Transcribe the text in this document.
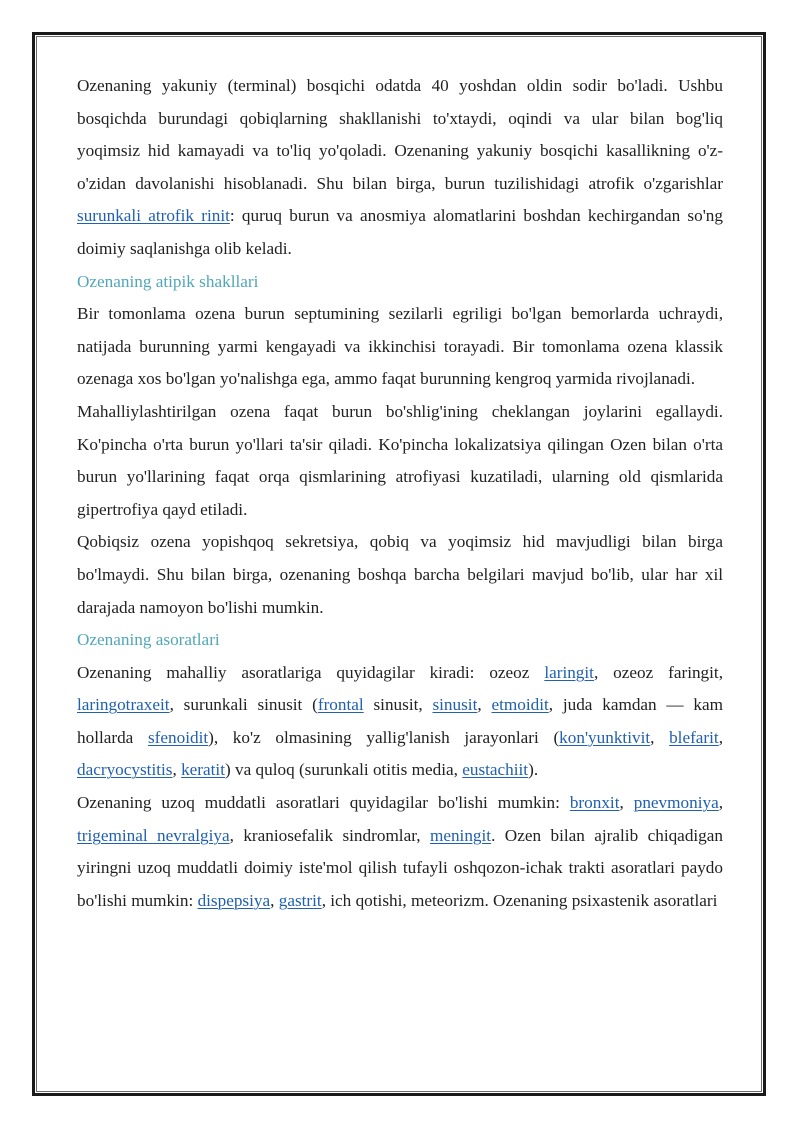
Ozenaning yakuniy (terminal) bosqichi odatda 40 yoshdan oldin sodir bo'ladi. Ushbu bosqichda burundagi qobiqlarning shakllanishi to'xtaydi, oqindi va ular bilan bog'liq yoqimsiz hid kamayadi va to'liq yo'qoladi. Ozenaning yakuniy bosqichi kasallikning o'z-o'zidan davolanishi hisoblanadi. Shu bilan birga, burun tuzilishidagi atrofik o'zgarishlar surunkali atrofik rinit: quruq burun va anosmiya alomatlarini boshdan kechirgandan so'ng doimiy saqlanishga olib keladi.

Ozenaning atipik shakllari

Bir tomonlama ozena burun septumining sezilarli egriligi bo'lgan bemorlarda uchraydi, natijada burunning yarmi kengayadi va ikkinchisi torayadi. Bir tomonlama ozena klassik ozenaga xos bo'lgan yo'nalishga ega, ammo faqat burunning kengroq yarmida rivojlanadi.

Mahalliylashtirilgan ozena faqat burun bo'shlig'ining cheklangan joylarini egallaydi. Ko'pincha o'rta burun yo'llari ta'sir qiladi. Ko'pincha lokalizatsiya qilingan Ozen bilan o'rta burun yo'llarining faqat orqa qismlarining atrofiyasi kuzatiladi, ularning old qismlarida gipertrofiya qayd etiladi.

Qobiqsiz ozena yopishqoq sekretsiya, qobiq va yoqimsiz hid mavjudligi bilan birga bo'lmaydi. Shu bilan birga, ozenaning boshqa barcha belgilari mavjud bo'lib, ular har xil darajada namoyon bo'lishi mumkin.

Ozenaning asoratlari

Ozenaning mahalliy asoratlariga quyidagilar kiradi: ozeoz laringit, ozeoz faringit, laringotraxeit, surunkali sinusit (frontal sinusit, sinusit, etmoidit, juda kamdan — kam hollarda sfenoidit), ko'z olmasining yallig'lanish jarayonlari (kon'yunktivit, blefarit, dacryocystitis, keratit) va quloq (surunkali otitis media, eustachiit).

Ozenaning uzoq muddatli asoratlari quyidagilar bo'lishi mumkin: bronxit, pnevmoniya, trigeminal nevralgiya, kraniosefalik sindromlar, meningit. Ozen bilan ajralib chiqadigan yiringni uzoq muddatli doimiy iste'mol qilish tufayli oshqozon-ichak trakti asoratlari paydo bo'lishi mumkin: dispepsiya, gastrit, ich qotishi, meteorizm. Ozenaning psixastenik asoratlari
